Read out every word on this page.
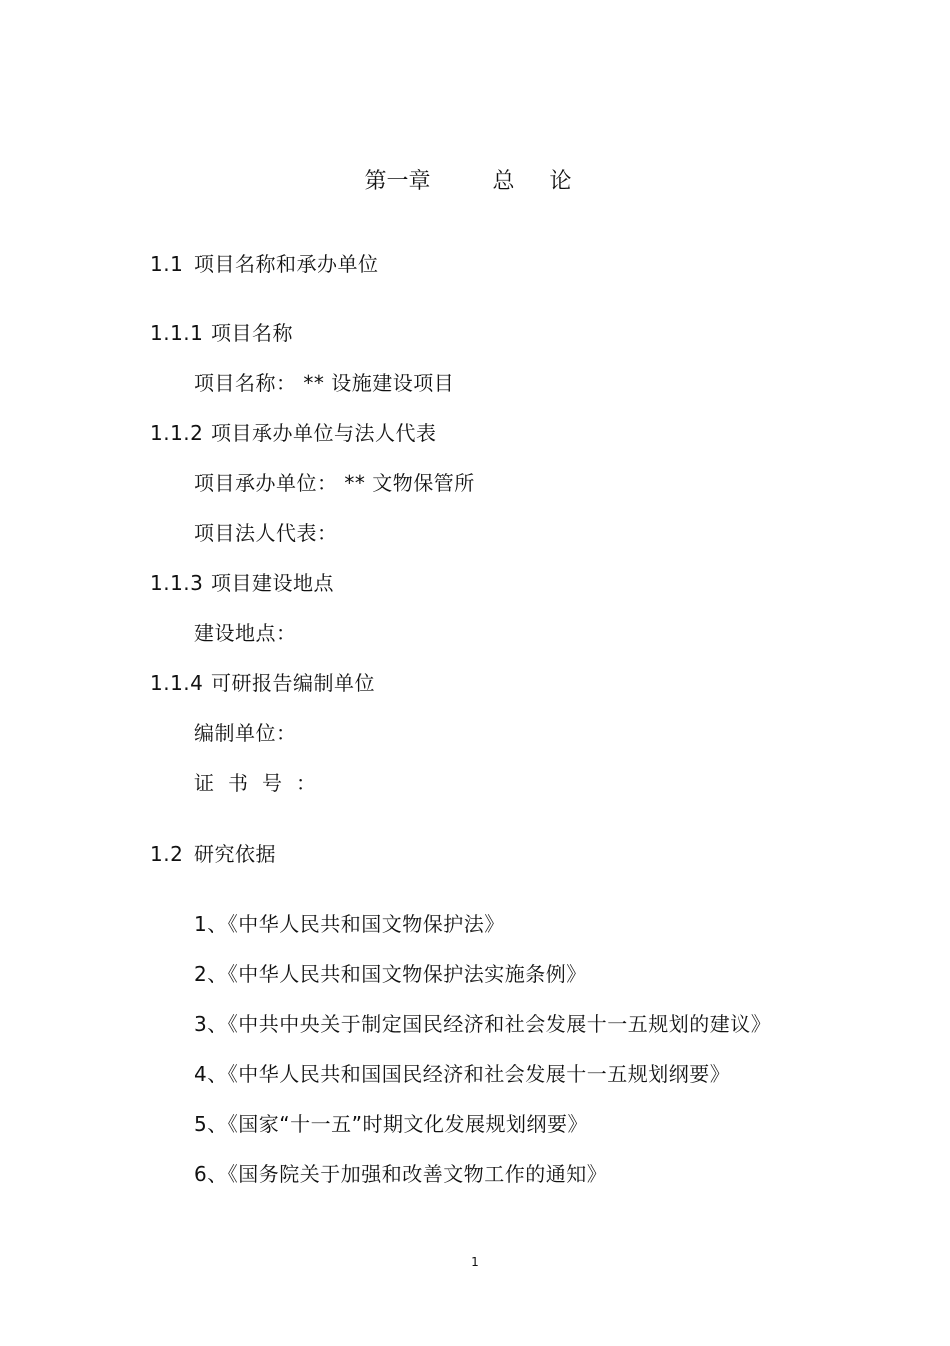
第一章	总 论
1.1 项目名称和承办单位
1.1.1 项目名称
项目名称： ** 设施建设项目
1.1.2 项目承办单位与法人代表
项目承办单位： ** 文物保管所
项目法人代表：
1.1.3 项目建设地点
建设地点：
1.1.4 可研报告编制单位
编制单位：
证书号：
1.2 研究依据
1、《中华人民共和国文物保护法》
2、《中华人民共和国文物保护法实施条例》
3、《中共中央关于制定国民经济和社会发展十一五规划的建议》
4、《中华人民共和国国民经济和社会发展十一五规划纲要》
5、《国家“十一五”时期文化发展规划纲要》
6、《国务院关于加强和改善文物工作的通知》
1
